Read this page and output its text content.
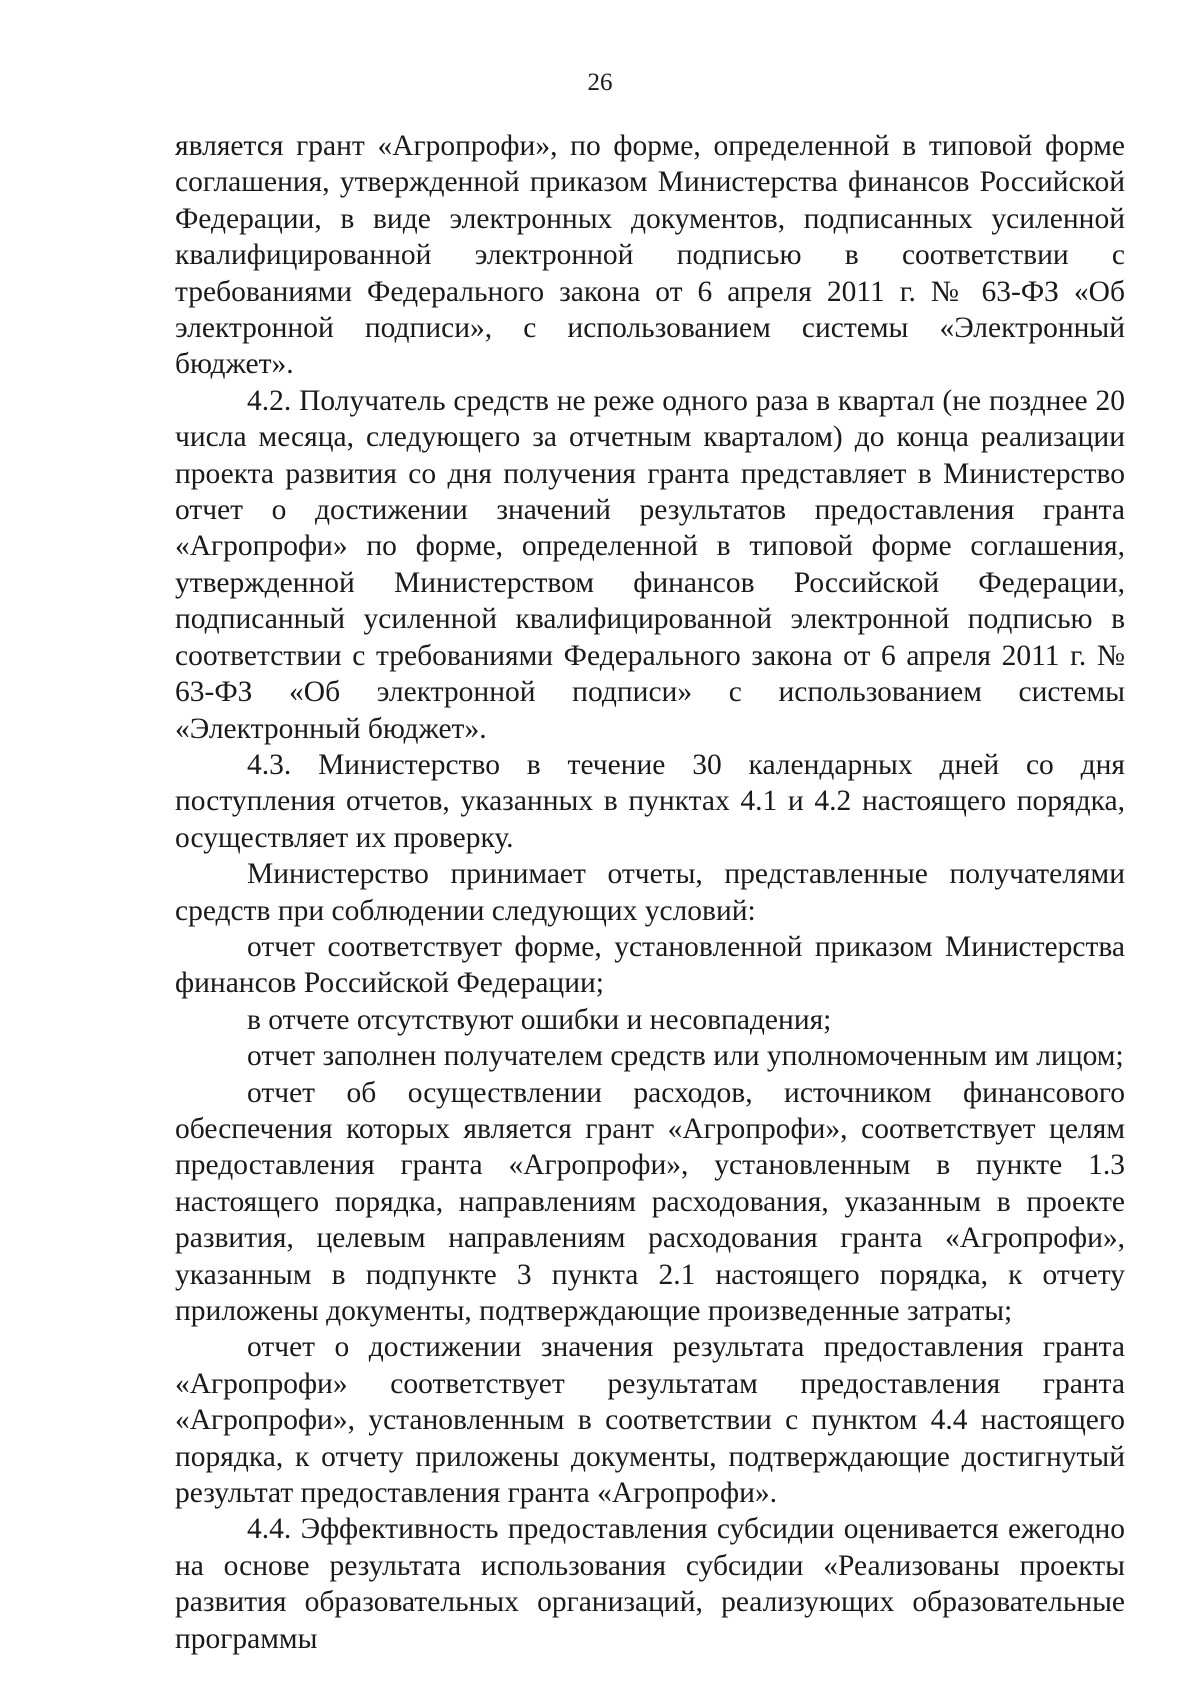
26

является грант «Агропрофи», по форме, определенной в типовой форме соглашения, утвержденной приказом Министерства финансов Российской Федерации, в виде электронных документов, подписанных усиленной квалифицированной электронной подписью в соответствии с требованиями Федерального закона от 6 апреля 2011 г. № 63-ФЗ «Об электронной подписи», с использованием системы «Электронный бюджет».

4.2. Получатель средств не реже одного раза в квартал (не позднее 20 числа месяца, следующего за отчетным кварталом) до конца реализации проекта развития со дня получения гранта представляет в Министерство отчет о достижении значений результатов предоставления гранта «Агропрофи» по форме, определенной в типовой форме соглашения, утвержденной Министерством финансов Российской Федерации, подписанный усиленной квалифицированной электронной подписью в соответствии с требованиями Федерального закона от 6 апреля 2011 г. № 63-ФЗ «Об электронной подписи» с использованием системы «Электронный бюджет».

4.3. Министерство в течение 30 календарных дней со дня поступления отчетов, указанных в пунктах 4.1 и 4.2 настоящего порядка, осуществляет их проверку.

Министерство принимает отчеты, представленные получателями средств при соблюдении следующих условий:

отчет соответствует форме, установленной приказом Министерства финансов Российской Федерации;

в отчете отсутствуют ошибки и несовпадения;

отчет заполнен получателем средств или уполномоченным им лицом;

отчет об осуществлении расходов, источником финансового обеспечения которых является грант «Агропрофи», соответствует целям предоставления гранта «Агропрофи», установленным в пункте 1.3 настоящего порядка, направлениям расходования, указанным в проекте развития, целевым направлениям расходования гранта «Агропрофи», указанным в подпункте 3 пункта 2.1 настоящего порядка, к отчету приложены документы, подтверждающие произведенные затраты;

отчет о достижении значения результата предоставления гранта «Агропрофи» соответствует результатам предоставления гранта «Агропрофи», установленным в соответствии с пунктом 4.4 настоящего порядка, к отчету приложены документы, подтверждающие достигнутый результат предоставления гранта «Агропрофи».

4.4. Эффективность предоставления субсидии оценивается ежегодно на основе результата использования субсидии «Реализованы проекты развития образовательных организаций, реализующих образовательные программы
